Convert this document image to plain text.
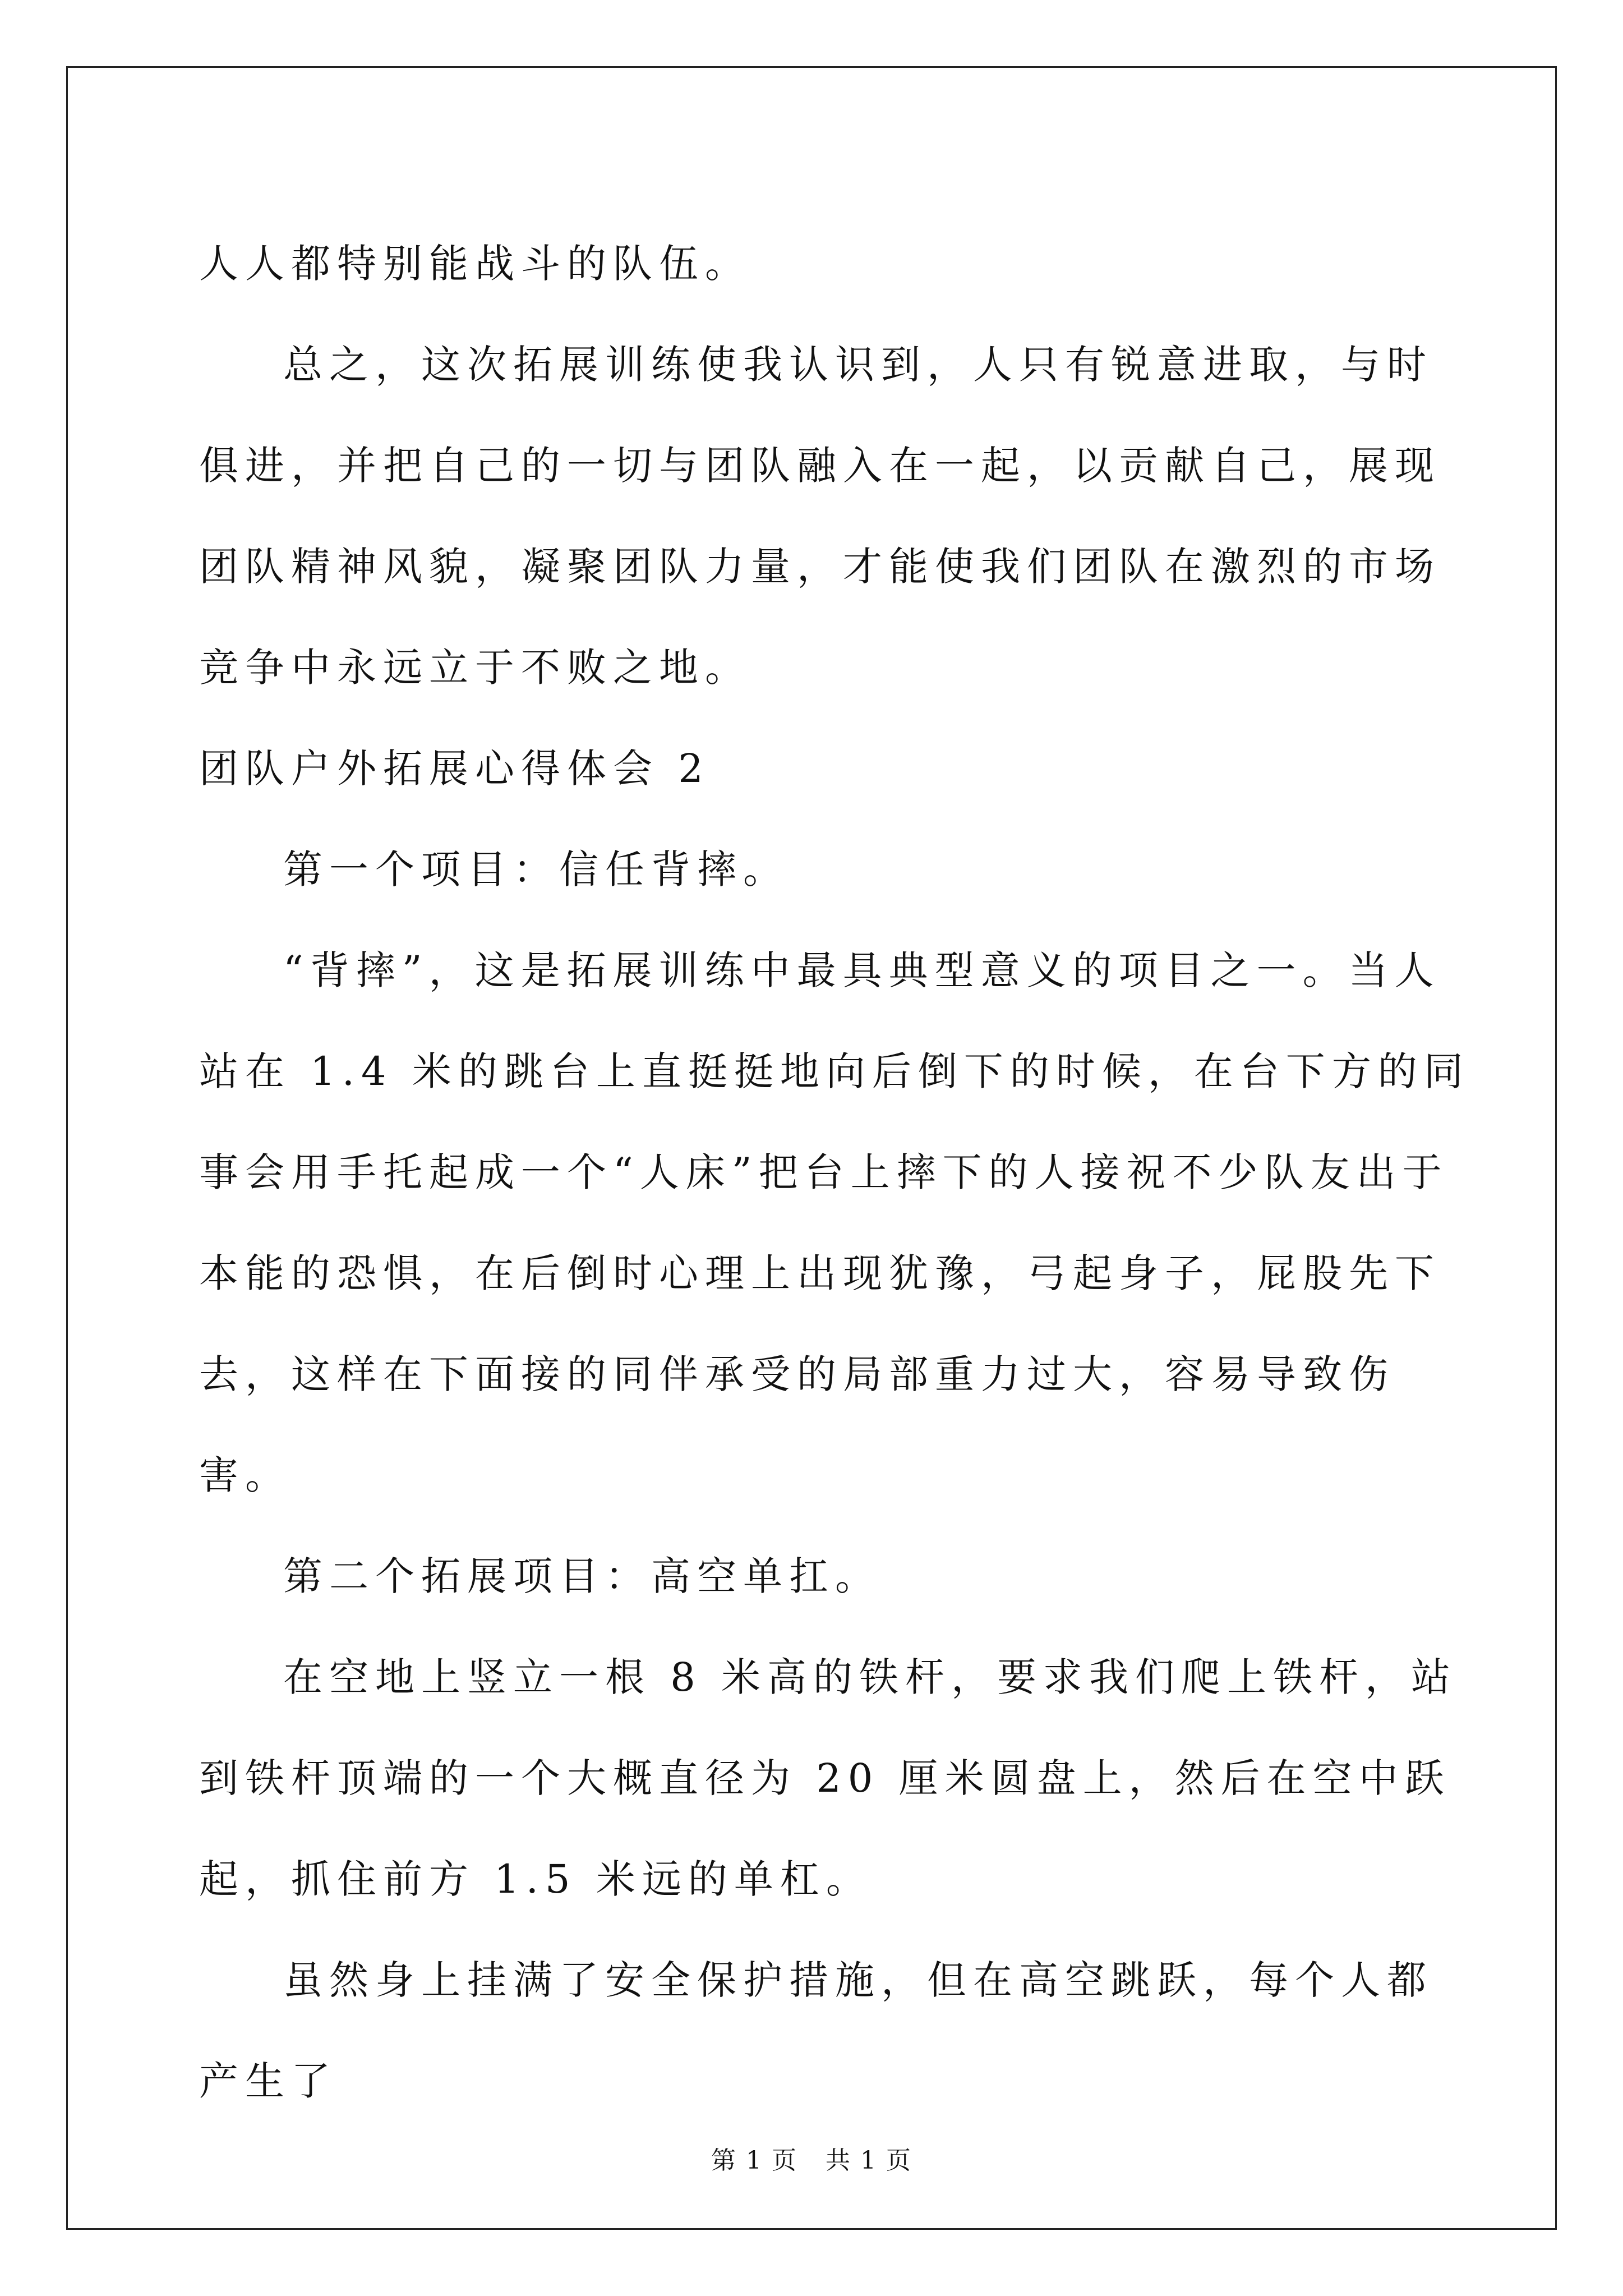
人人都特别能战斗的队伍。

总之，这次拓展训练使我认识到，人只有锐意进取，与时俱进，并把自己的一切与团队融入在一起，以贡献自己，展现团队精神风貌，凝聚团队力量，才能使我们团队在激烈的市场竞争中永远立于不败之地。

团队户外拓展心得体会 2

第一个项目：信任背摔。

“背摔”，这是拓展训练中最具典型意义的项目之一。当人站在 1.4 米的跳台上直挺挺地向后倒下的时候，在台下方的同事会用手托起成一个“人床”把台上摔下的人接祝不少队友出于本能的恐惧，在后倒时心理上出现犹豫，弓起身子，屁股先下去，这样在下面接的同伴承受的局部重力过大，容易导致伤害。

第二个拓展项目：高空单扛。

在空地上竖立一根 8 米高的铁杆，要求我们爬上铁杆，站到铁杆顶端的一个大概直径为 20 厘米圆盘上，然后在空中跃起，抓住前方 1.5 米远的单杠。

虽然身上挂满了安全保护措施，但在高空跳跃，每个人都产生了

第 1 页 共 1 页
